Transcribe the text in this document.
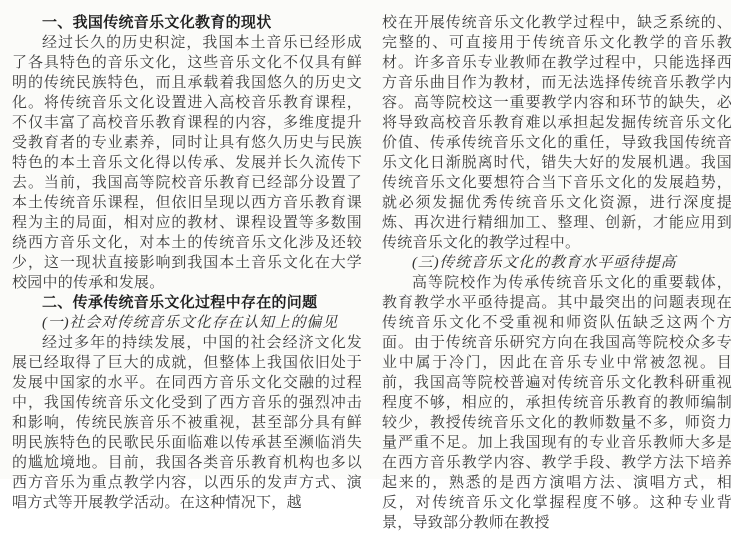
一、我国传统音乐文化教育的现状

经过长久的历史积淀，我国本土音乐已经形成了各具特色的音乐文化，这些音乐文化不仅具有鲜明的传统民族特色，而且承载着我国悠久的历史文化。将传统音乐文化设置进入高校音乐教育课程，不仅丰富了高校音乐教育课程的内容，多维度提升受教育者的专业素养，同时让具有悠久历史与民族特色的本土音乐文化得以传承、发展并长久流传下去。当前，我国高等院校音乐教育已经部分设置了本土传统音乐课程，但依旧呈现以西方音乐教育课程为主的局面，相对应的教材、课程设置等多数围绕西方音乐文化，对本土的传统音乐文化涉及还较少，这一现状直接影响到我国本土音乐文化在大学校园中的传承和发展。

二、传承传统音乐文化过程中存在的问题

(一)社会对传统音乐文化存在认知上的偏见

经过多年的持续发展，中国的社会经济文化发展已经取得了巨大的成就，但整体上我国依旧处于发展中国家的水平。在同西方音乐文化交融的过程中，我国传统音乐文化受到了西方音乐的强烈冲击和影响，传统民族音乐不被重视，甚至部分具有鲜明民族特色的民歌民乐面临难以传承甚至濒临消失的尴尬境地。目前，我国各类音乐教育机构也多以西方音乐为重点教学内容，以西乐的发声方式、演唱方式等开展教学活动。在这种情况下，越

校在开展传统音乐文化教学过程中，缺乏系统的、完整的、可直接用于传统音乐文化教学的音乐教材。许多音乐专业教师在教学过程中，只能选择西方音乐曲目作为教材，而无法选择传统音乐教学内容。高等院校这一重要教学内容和环节的缺失，必将导致高校音乐教育难以承担起发掘传统音乐文化价值、传承传统音乐文化的重任，导致我国传统音乐文化日渐脱离时代，错失大好的发展机遇。我国传统音乐文化要想符合当下音乐文化的发展趋势，就必须发掘优秀传统音乐文化资源，进行深度提炼、再次进行精细加工、整理、创新，才能应用到传统音乐文化的教学过程中。

(三)传统音乐文化的教育水平亟待提高

高等院校作为传承传统音乐文化的重要载体，教育教学水平亟待提高。其中最突出的问题表现在传统音乐文化不受重视和师资队伍缺乏这两个方面。由于传统音乐研究方向在我国高等院校众多专业中属于冷门，因此在音乐专业中常被忽视。目前，我国高等院校普遍对传统音乐文化教科研重视程度不够，相应的，承担传统音乐教育的教师编制较少，教授传统音乐文化的教师数量不多，师资力量严重不足。加上我国现有的专业音乐教师大多是在西方音乐教学内容、教学手段、教学方法下培养起来的，熟悉的是西方演唱方法、演唱方式，相反，对传统音乐文化掌握程度不够。这种专业背景，导致部分教师在教授
